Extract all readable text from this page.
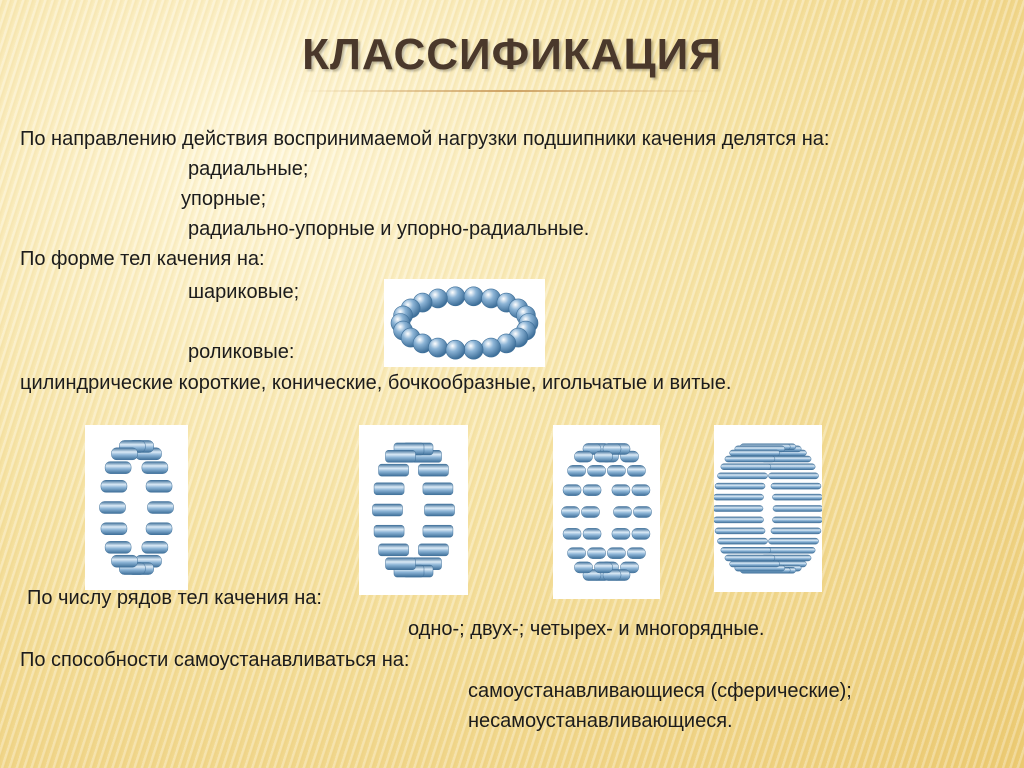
КЛАССИФИКАЦИЯ
По направлению действия воспринимаемой нагрузки подшипники качения делятся на:
радиальные;
упорные;
радиально-упорные и упорно-радиальные.
По форме тел качения на:
шариковые;
роликовые:
цилиндрические короткие, конические, бочкообразные, игольчатые и витые.
По числу рядов тел качения на:
одно-; двух-; четырех- и многорядные.
По способности самоустанавливаться на:
самоустанавливающиеся (сферические);
несамоустанавливающиеся.
